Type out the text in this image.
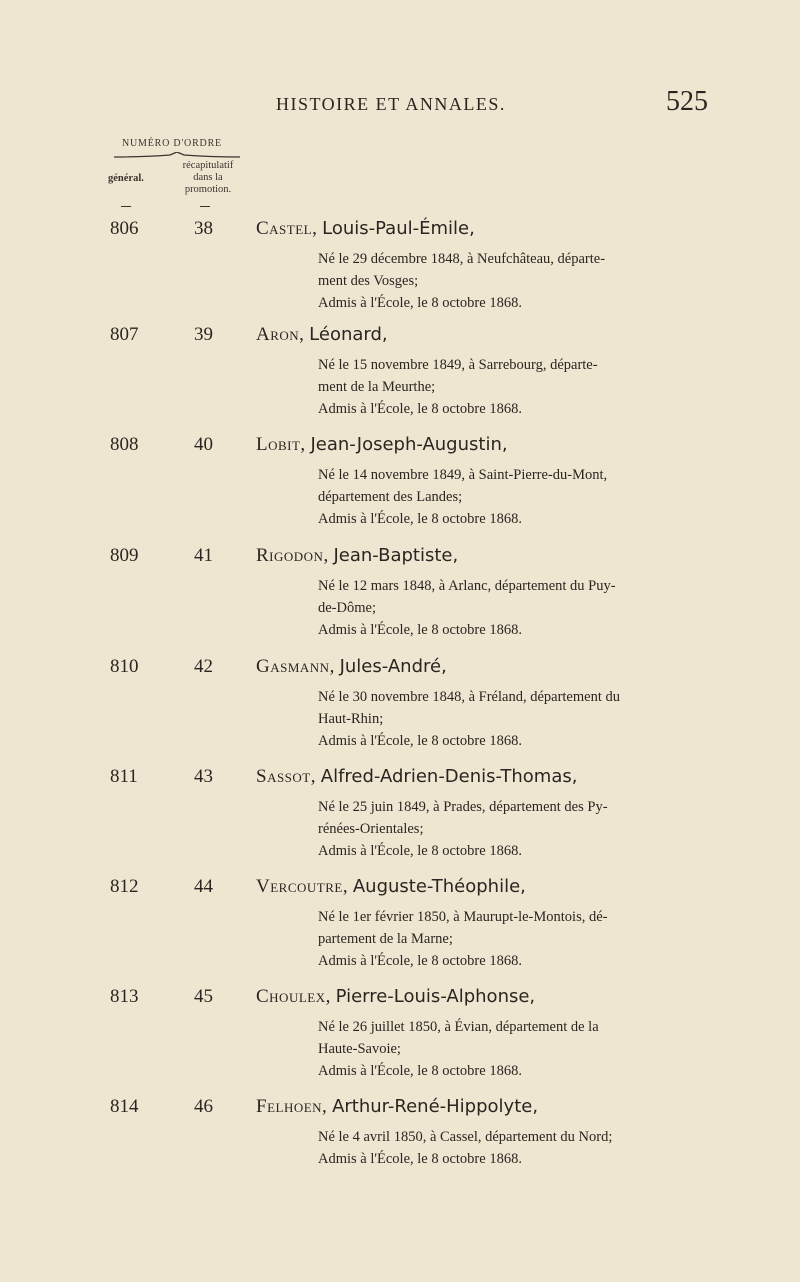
HISTOIRE ET ANNALES.	525
NUMÉRO D'ORDRE
général.
récapitulatif
dans la
promotion.
806	38 Castel, Louis-Paul-Émile,
Né le 29 décembre 1848, à Neufchâteau, départe-
ment des Vosges;
Admis à l'École, le 8 octobre 1868.
807	39 Aron, Léonard,
Né le 15 novembre 1849, à Sarrebourg, départe-
ment de la Meurthe;
Admis à l'École, le 8 octobre 1868.
808	40 Lobit, Jean-Joseph-Augustin,
Né le 14 novembre 1849, à Saint-Pierre-du-Mont,
département des Landes;
Admis à l'École, le 8 octobre 1868.
809	41 Rigodon, Jean-Baptiste,
Né le 12 mars 1848, à Arlanc, département du Puy-
de-Dôme;
Admis à l'École, le 8 octobre 1868.
810	42 Gasmann, Jules-André,
Né le 30 novembre 1848, à Fréland, département du
Haut-Rhin;
Admis à l'École, le 8 octobre 1868.
811	43 Sassot, Alfred-Adrien-Denis-Thomas,
Né le 25 juin 1849, à Prades, département des Py-
rénées-Orientales;
Admis à l'École, le 8 octobre 1868.
812	44 Vercoutre, Auguste-Théophile,
Né le 1er février 1850, à Maurupt-le-Montois, dé-
partement de la Marne;
Admis à l'École, le 8 octobre 1868.
813	45 Choulex, Pierre-Louis-Alphonse,
Né le 26 juillet 1850, à Évian, département de la
Haute-Savoie;
Admis à l'École, le 8 octobre 1868.
814	46 Felhoen, Arthur-René-Hippolyte,
Né le 4 avril 1850, à Cassel, département du Nord;
Admis à l'École, le 8 octobre 1868.
